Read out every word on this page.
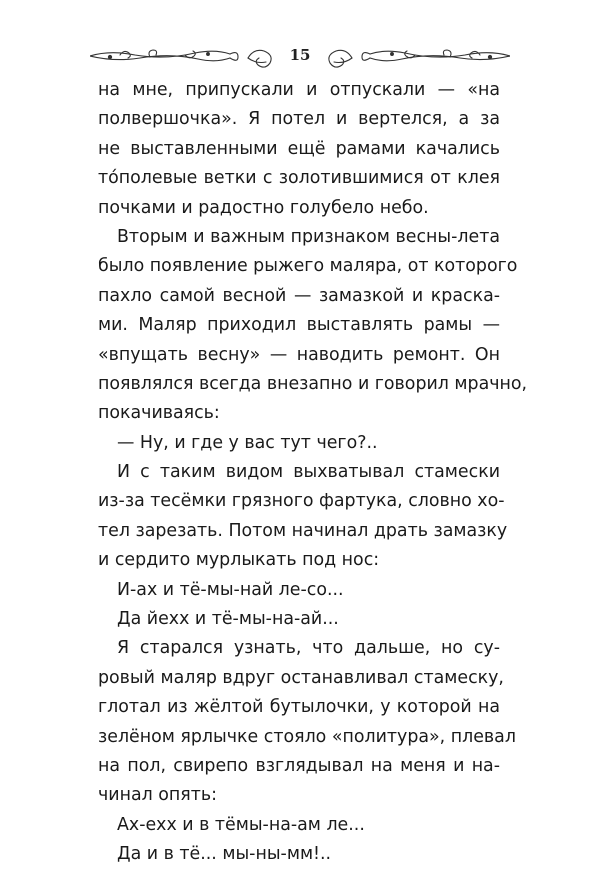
15
на мне, припускали и отпускали — «на
полвершочка». Я потел и вертелся, а за
не выставленными ещё рамами качались
то́полевые ветки с золотившимися от клея
почками и радостно голубело небо.
Вторым и важным признаком весны-лета
было появление рыжего маляра, от которого
пахло самой весной — замазкой и краска-
ми. Маляр приходил выставлять рамы —
«впущать весну» — наводить ремонт. Он
появлялся всегда внезапно и говорил мрачно,
покачиваясь:
— Ну, и где у вас тут чего?..
И с таким видом выхватывал стамески
из-за тесёмки грязного фартука, словно хо-
тел зарезать. Потом начинал драть замазку
и сердито мурлыкать под нос:
И-ах и тё-мы-най ле-со...
Да йехх и тё-мы-на-ай...
Я старался узнать, что дальше, но су-
ровый маляр вдруг останавливал стамеску,
глотал из жёлтой бутылочки, у которой на
зелёном ярлычке стояло «политура», плевал
на пол, свирепо взглядывал на меня и на-
чинал опять:
Ах-ехх и в тёмы-на-ам ле...
Да и в тё... мы-ны-мм!..
